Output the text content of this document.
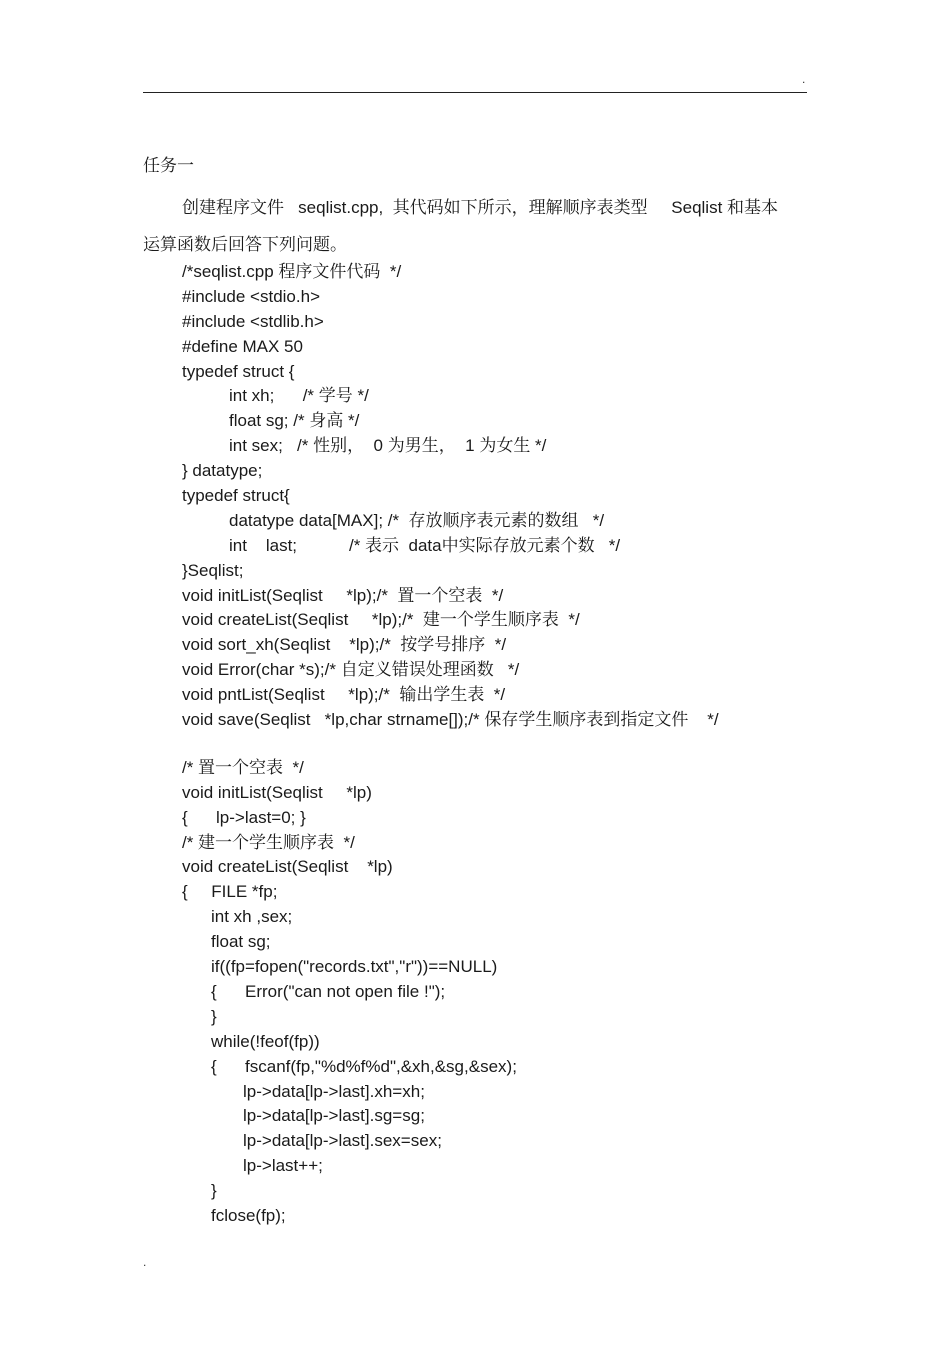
.
任务一
创建程序文件   seqlist.cpp,  其代码如下所示，理解顺序表类型     Seqlist 和基本
运算函数后回答下列问题。
/*seqlist.cpp 程序文件代码  */
#include <stdio.h>
#include <stdlib.h>
#define MAX 50
typedef struct {
int xh;      /* 学号 */
float sg; /* 身高 */
int sex;   /* 性别，  0 为男生，  1 为女生 */
} datatype;
typedef struct{
datatype data[MAX]; /*  存放顺序表元素的数组   */
int    last;           /* 表示  data中实际存放元素个数   */
}Seqlist;
void initList(Seqlist     *lp);/*  置一个空表  */
void createList(Seqlist     *lp);/*  建一个学生顺序表  */
void sort_xh(Seqlist    *lp);/*  按学号排序  */
void Error(char *s);/* 自定义错误处理函数   */
void pntList(Seqlist     *lp);/*  输出学生表  */
void save(Seqlist   *lp,char strname[]);/* 保存学生顺序表到指定文件    */
/* 置一个空表  */
void initList(Seqlist     *lp)
{      lp->last=0; }
/* 建一个学生顺序表  */
void createList(Seqlist    *lp)
{     FILE *fp;
int xh ,sex;
float sg;
if((fp=fopen("records.txt","r"))==NULL)
{      Error("can not open file !");
}
while(!feof(fp))
{      fscanf(fp,"%d%f%d",&xh,&sg,&sex);
lp->data[lp->last].xh=xh;
lp->data[lp->last].sg=sg;
lp->data[lp->last].sex=sex;
lp->last++;
}
fclose(fp);
.
